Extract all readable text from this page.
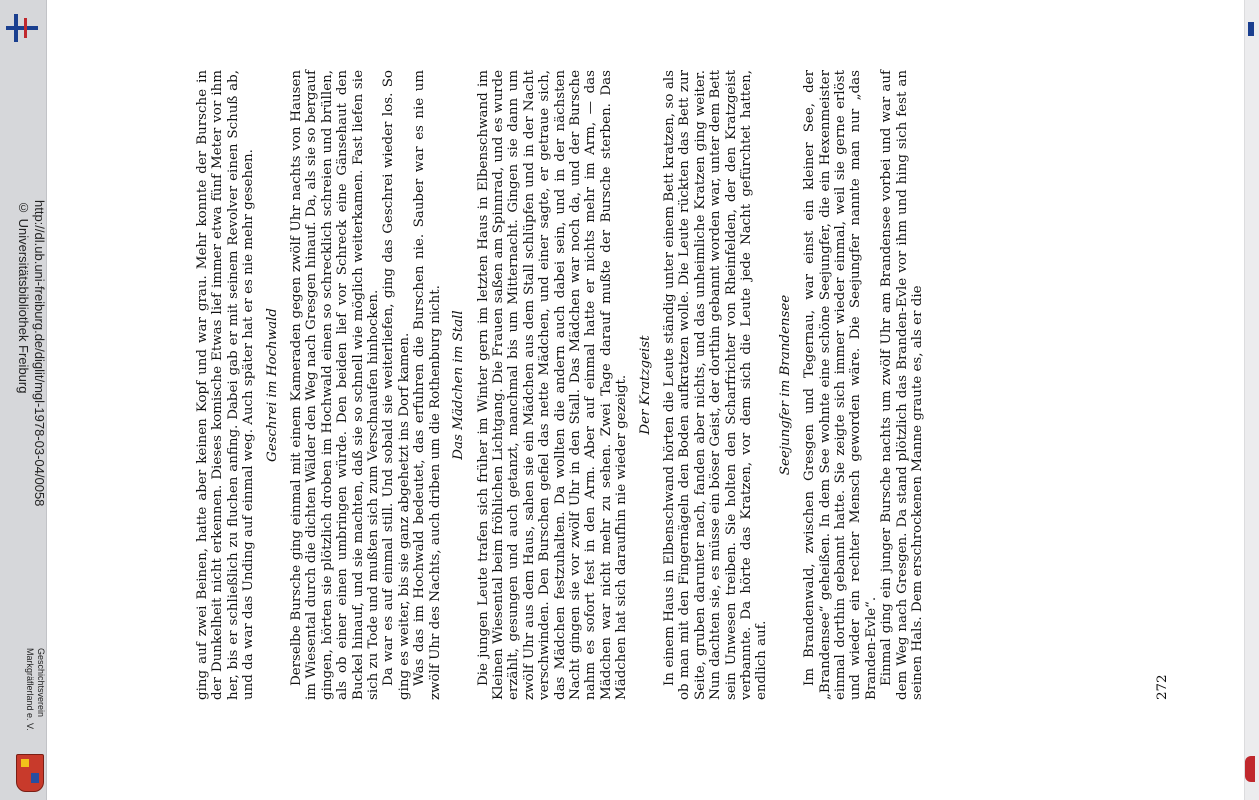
http://dl.ub.uni-freiburg.de/diglit/mgl-1978-03-04/0058
© Universitätsbibliothek Freiburg
Geschichtsverein
Markgräflerland e. V.	ging auf zwei Beinen, hatte aber keinen Kopf und war grau. Mehr konnte der Bursche in der Dunkelheit nicht erkennen. Dieses komische Etwas lief immer etwa fünf Meter vor ihm her, bis er schließlich zu fluchen anfing. Dabei gab er mit seinem Revolver einen Schuß ab, und da war das Unding auf einmal weg. Auch später hat er es nie mehr gesehen. Geschrei im Hochwald Derselbe Bursche ging einmal mit einem Kameraden gegen zwölf Uhr nachts von Hausen im Wiesental durch die dichten Wälder den Weg nach Gresgen hinauf. Da, als sie so bergauf gingen, hörten sie plötzlich droben im Hochwald einen so schrecklich schreien und brüllen, als ob einer einen umbringen würde. Den beiden lief vor Schreck eine Gänsehaut den Buckel hinauf, und sie machten, daß sie so schnell wie möglich weiterkamen. Fast liefen sie sich zu Tode und mußten sich zum Verschnaufen hinhocken. Da war es auf einmal still. Und sobald sie weiterliefen, ging das Geschrei wieder los. So ging es weiter, bis sie ganz abgehetzt ins Dorf kamen. Was das im Hochwald bedeutet, das erfuhren die Burschen nie. Sauber war es nie um zwölf Uhr des Nachts, auch driben um die Rothenburg nicht. Das Mädchen im Stall Die jungen Leute trafen sich früher im Winter gern im letzten Haus in Elbenschwand im Kleinen Wiesental beim fröhlichen Lichtgang. Die Frauen saßen am Spinnrad, und es wurde erzählt, gesungen und auch getanzt, manchmal bis um Mitternacht. Gingen sie dann um zwölf Uhr aus dem Haus, sahen sie ein Mädchen aus dem Stall schlüpfen und in der Nacht verschwinden. Den Burschen gefiel das nette Mädchen, und einer sagte, er getraue sich, das Mädchen festzuhalten. Da wollten die andern auch dabei sein, und in der nächsten Nacht gingen sie vor zwölf Uhr in den Stall. Das Mädchen war noch da, und der Bursche nahm es sofort fest in den Arm. Aber auf einmal hatte er nichts mehr im Arm, — das Mädchen war nicht mehr zu sehen. Zwei Tage darauf mußte der Bursche sterben. Das Mädchen hat sich daraufhin nie wieder gezeigt. Der Kratzgeist In einem Haus in Elbenschwand hörten die Leute ständig unter einem Bett kratzen, so als ob man mit den Fingernägeln den Boden aufkratzen wolle. Die Leute rückten das Bett zur Seite, gruben darunter nach, fanden aber nichts, und das unheimliche Kratzen ging weiter. Nun dachten sie, es müsse ein böser Geist, der dorthin gebannt worden war, unter dem Bett sein Unwesen treiben. Sie holten den Scharfrichter von Rheinfelden, der den Kratzgeist verbannte. Da hörte das Kratzen, vor dem sich die Leute jede Nacht gefürchtet hatten, endlich auf.

Seejungfer im Brandensee Im Brandenwald, zwischen Gresgen und Tegernau, war einst ein kleiner See, der „Brandensee“ geheißen. In dem See wohnte eine schöne Seejungfer, die ein Hexenmeister einmal dorthin gebannt hatte. Sie zeigte sich immer wieder einmal, weil sie gerne erlöst und wieder ein rechter Mensch geworden wäre. Die Seejungfer nannte man nur „das Branden-Evle“. Einmal ging ein junger Bursche nachts um zwölf Uhr am Brandensee vorbei und war auf dem Weg nach Gresgen. Da stand plötzlich das Branden-Evle vor ihm und hing sich fest an seinen Hals. Dem erschrockenen Manne graute es, als er die	272
